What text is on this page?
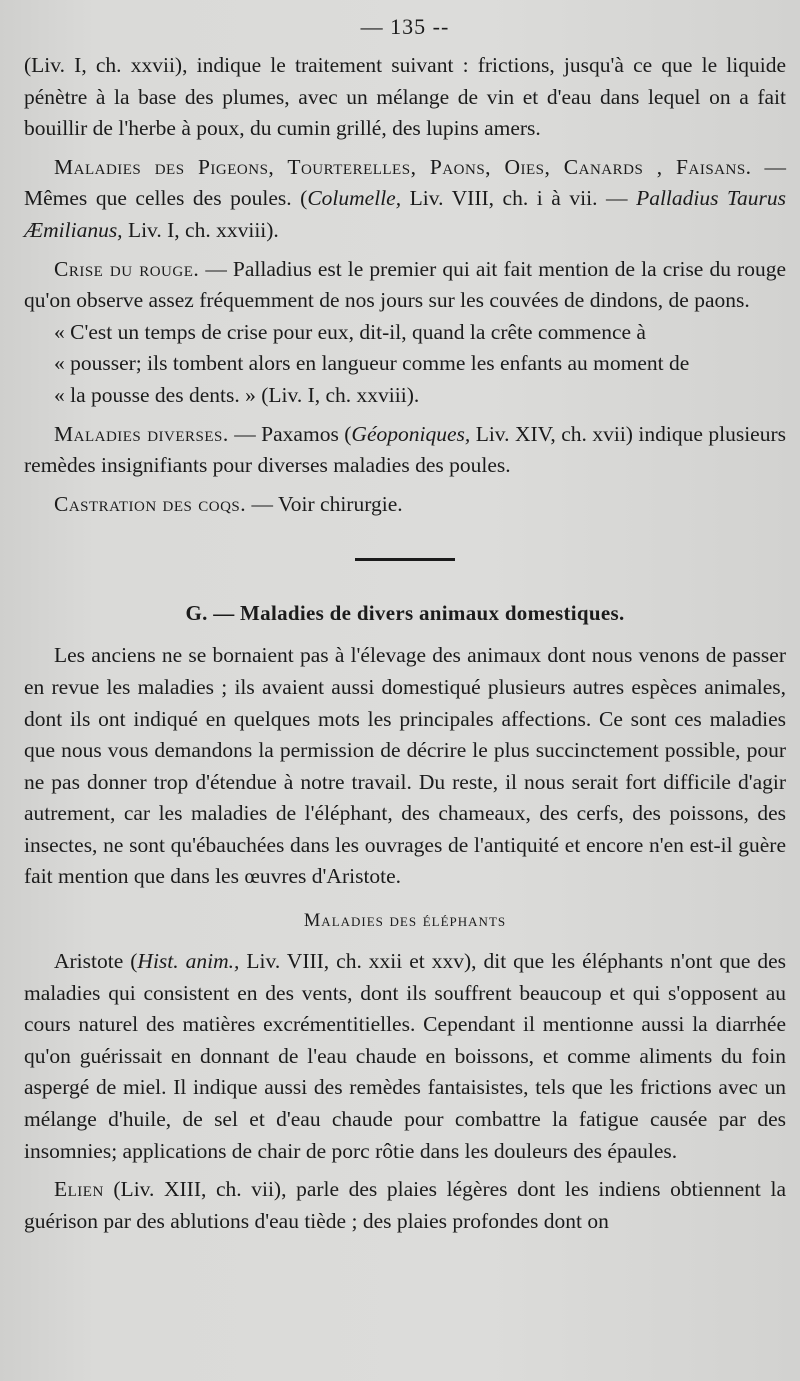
— 135 --

(Liv. I, ch. xxvii), indique le traitement suivant : frictions, jusqu'à ce que le liquide pénètre à la base des plumes, avec un mélange de vin et d'eau dans lequel on a fait bouillir de l'herbe à poux, du cumin grillé, des lupins amers.

Maladies des Pigeons, Tourterelles, Paons, Oies, Canards , Faisans. — Mêmes que celles des poules. (Columelle, Liv. VIII, ch. i à vii. — Palladius Taurus Æmilianus, Liv. I, ch. xxviii).

Crise du rouge. — Palladius est le premier qui ait fait mention de la crise du rouge qu'on observe assez fréquemment de nos jours sur les couvées de dindons, de paons.

« C'est un temps de crise pour eux, dit-il, quand la crête commence à

« pousser; ils tombent alors en langueur comme les enfants au moment de

« la pousse des dents. » (Liv. I, ch. xxviii).

Maladies diverses. — Paxamos (Géoponiques, Liv. XIV, ch. xvii) indique plusieurs remèdes insignifiants pour diverses maladies des poules.

Castration des coqs. — Voir chirurgie.

G. — Maladies de divers animaux domestiques.

Les anciens ne se bornaient pas à l'élevage des animaux dont nous venons de passer en revue les maladies ; ils avaient aussi domestiqué plusieurs autres espèces animales, dont ils ont indiqué en quelques mots les principales affections. Ce sont ces maladies que nous vous demandons la permission de décrire le plus succinctement possible, pour ne pas donner trop d'étendue à notre travail. Du reste, il nous serait fort difficile d'agir autrement, car les maladies de l'éléphant, des chameaux, des cerfs, des poissons, des insectes, ne sont qu'ébauchées dans les ouvrages de l'antiquité et encore n'en est-il guère fait mention que dans les œuvres d'Aristote.

Maladies des éléphants

Aristote (Hist. anim., Liv. VIII, ch. xxii et xxv), dit que les éléphants n'ont que des maladies qui consistent en des vents, dont ils souffrent beaucoup et qui s'opposent au cours naturel des matières excrémentitielles. Cependant il mentionne aussi la diarrhée qu'on guérissait en donnant de l'eau chaude en boissons, et comme aliments du foin aspergé de miel. Il indique aussi des remèdes fantaisistes, tels que les frictions avec un mélange d'huile, de sel et d'eau chaude pour combattre la fatigue causée par des insomnies; applications de chair de porc rôtie dans les douleurs des épaules.

Elien (Liv. XIII, ch. vii), parle des plaies légères dont les indiens obtiennent la guérison par des ablutions d'eau tiède ; des plaies profondes dont on
